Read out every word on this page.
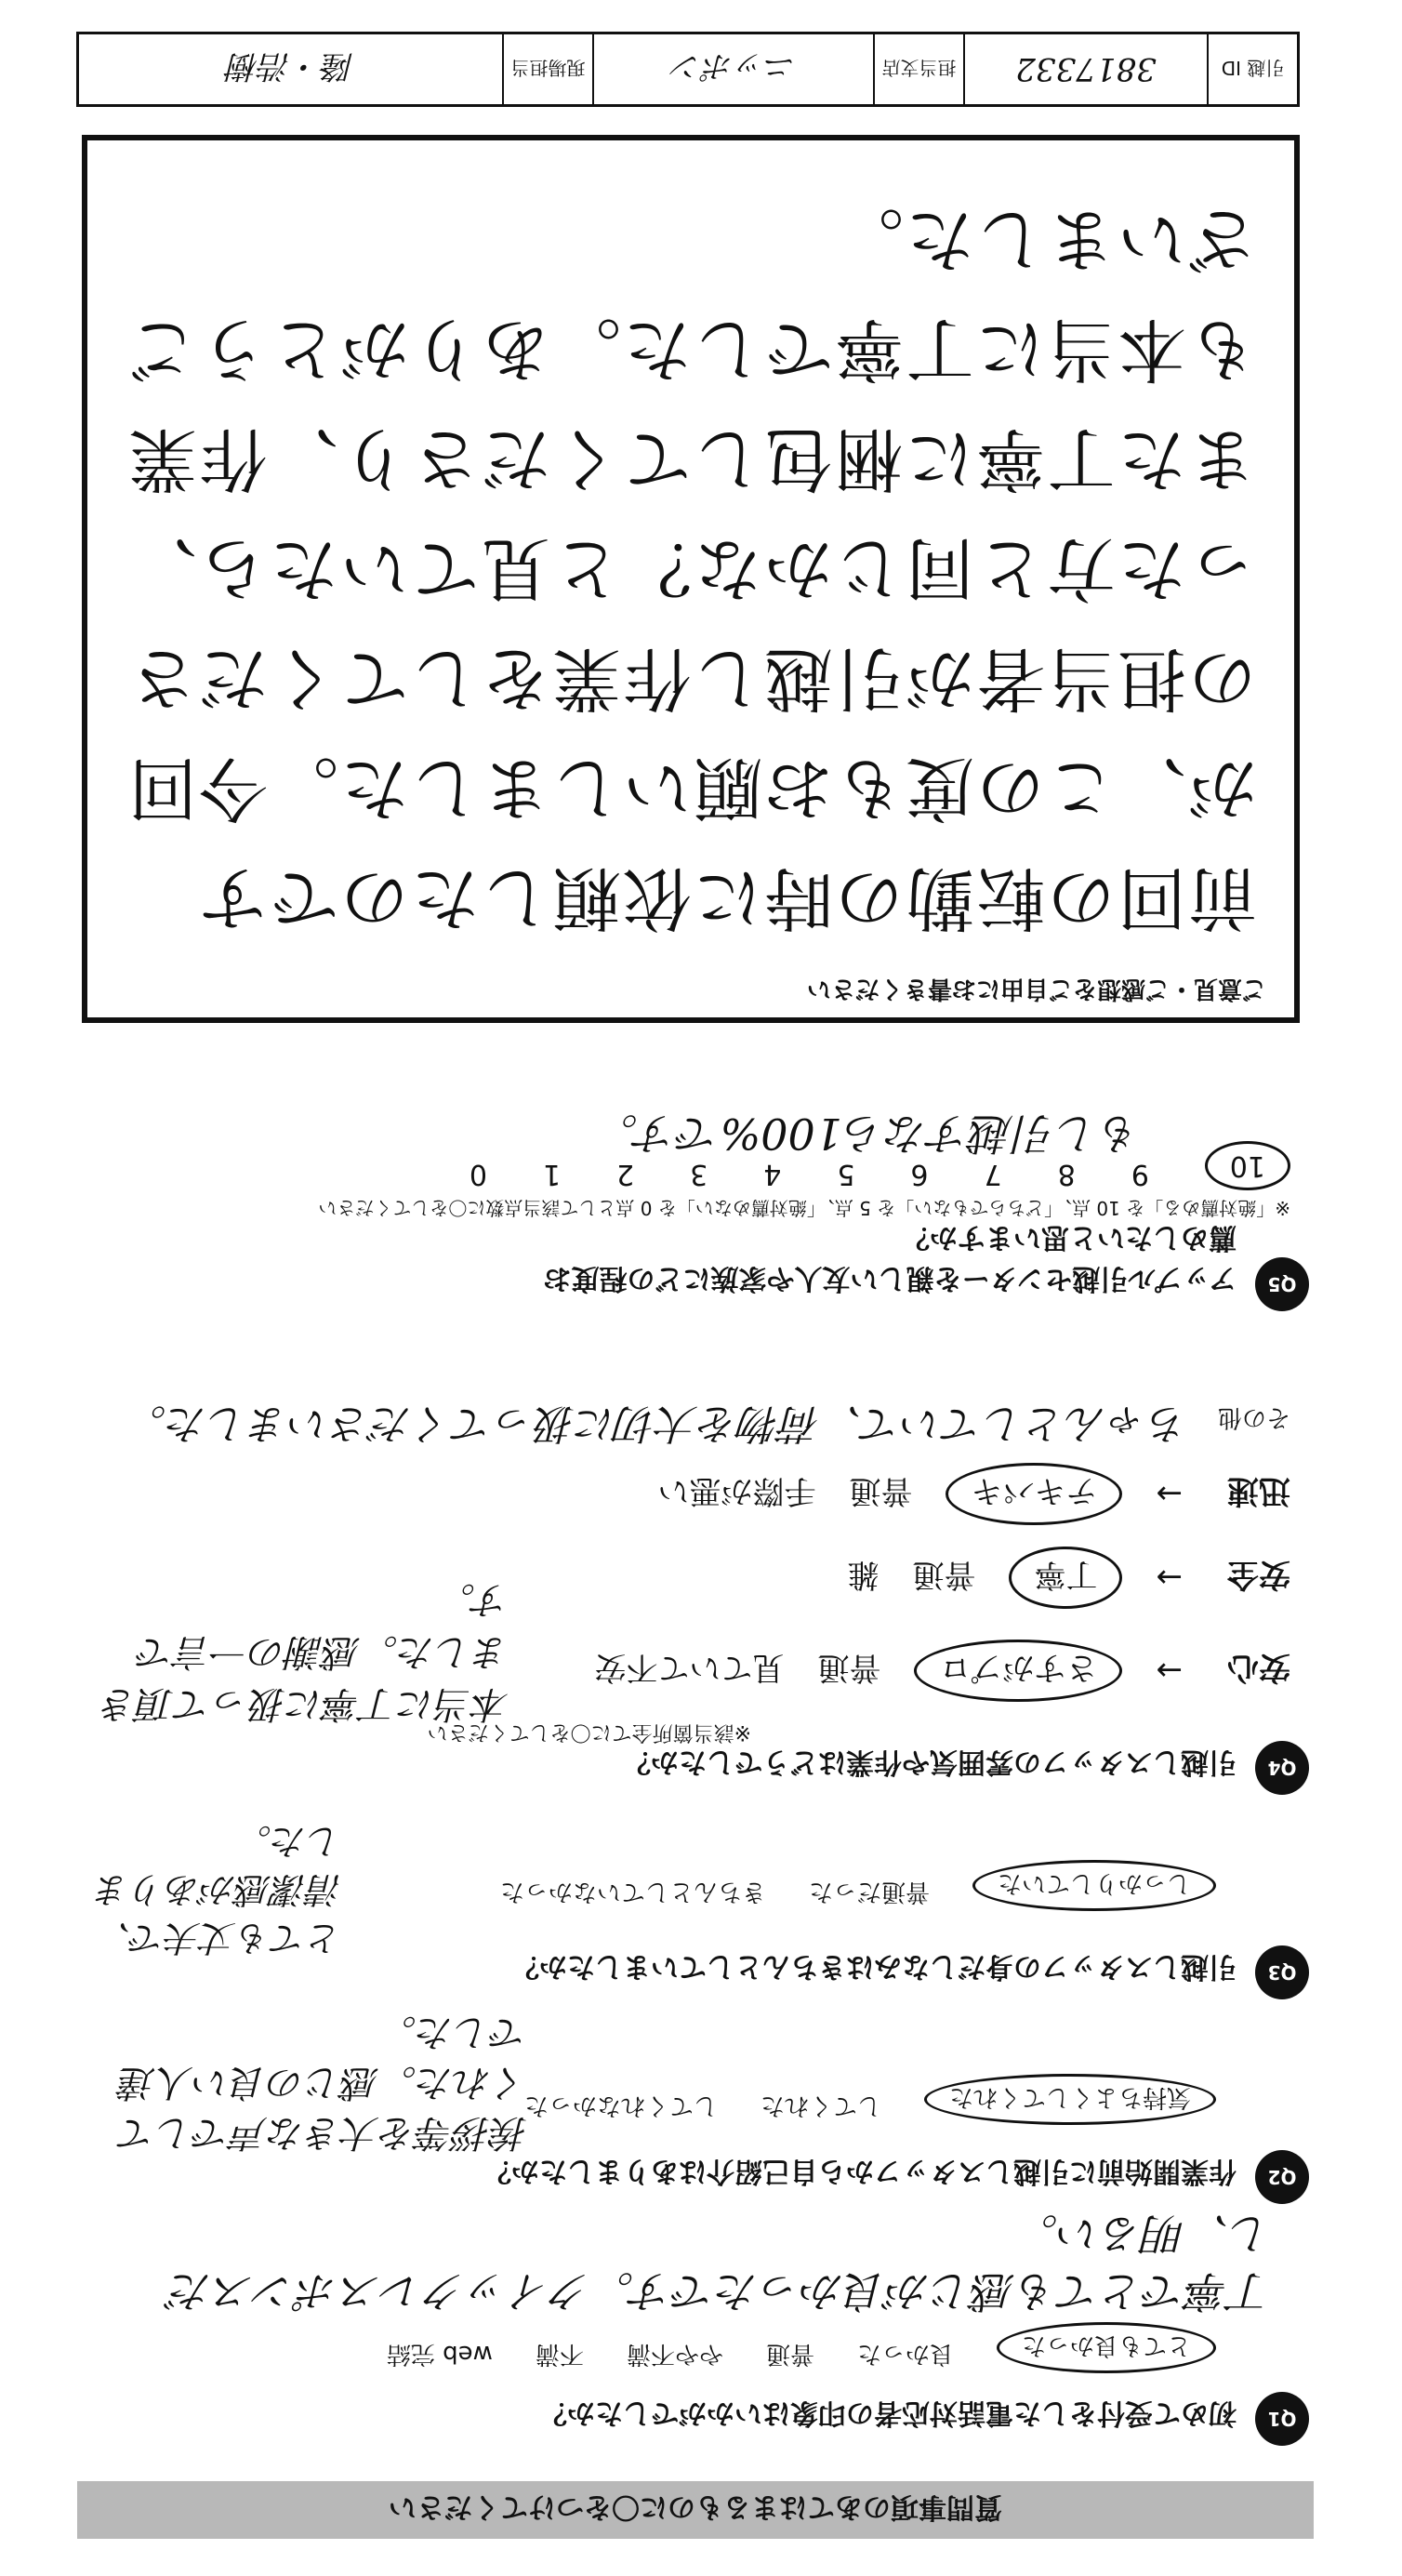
質問事項のあてはまるものに〇をつけてください
Q1
初めて受付をした電話対応者の印象はいかがでしたか？
とても良かった
良かった
普通
やや不満
不満
web 完結
丁寧でとても感じが良かったです。クイックレスポンスだし、明るい。
Q2
作業開始前に引越しスタッフから自己紹介はありましたか？
気持ちよくしてくれた
してくれた
してくれなかった
挨拶等を大きな声でしてくれた。感じの良い人達でした。
Q3
引越しスタッフの身だしなみはきちんとしていましたか？
しっかりしていた
普通だった
きちんとしていなかった
とても丈夫で、清潔感がありました。
Q4
引越しスタッフの雰囲気や作業はどうでしたか？
※該当箇所全てに〇をしてください
安心
→
さすがプロ
普通
見ていて不安
安全
→
丁寧
普通
雑
迅速
→
テキパキ
普通
手際が悪い
本当に丁寧に扱って頂きました。感謝の一言です。
その他
ちゃんとしていて、荷物を大切に扱ってくださいました。
Q5
アップル引越センターを親しい友人や家族にどの程度お薦めしたいと思いますか？
※「絶対薦める」を 10 点、「どちらでもない」を 5 点、「絶対薦めない」を 0 点として該当点数に〇をしてください
もし引越すなら100%です。
10
9
8
7
6
5
4
3
2
1
0
ご意見・ご感想をご自由にお書きください
前回の転勤の時に依頼したのですが、この度もお願いしました。今回の担当者が引越し作業をしてくださった方と同じかな？と見ていたら、また丁寧に梱包してくださり、作業も本当に丁寧でした。ありがとうございました。
引越 ID
3817332
担当支店
ニッポン
現場担当
隆・浩樹
